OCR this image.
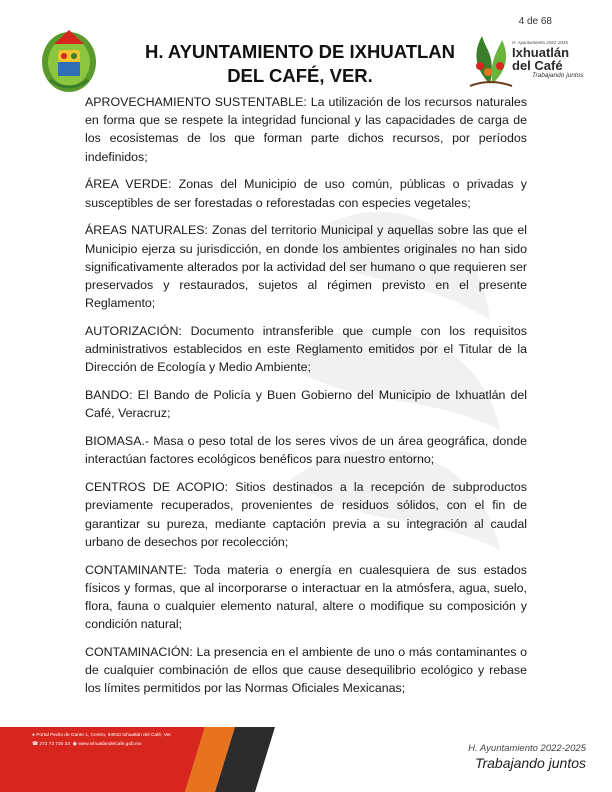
4 de 68
H. AYUNTAMIENTO DE IXHUATLAN
DEL CAFÉ, VER.
H. Ayuntamiento 2022-2025
Ixhuatlán
del Café
Trabajando juntos

APROVECHAMIENTO SUSTENTABLE: La utilización de los recursos naturales en forma que se respete la integridad funcional y las capacidades de carga de los ecosistemas de los que forman parte dichos recursos, por períodos indefinidos;

ÁREA VERDE: Zonas del Municipio de uso común, públicas o privadas y susceptibles de ser forestadas o reforestadas con especies vegetales;

ÁREAS NATURALES: Zonas del territorio Municipal y aquellas sobre las que el Municipio ejerza su jurisdicción, en donde los ambientes originales no han sido significativamente alterados por la actividad del ser humano o que requieren ser preservados y restaurados, sujetos al régimen previsto en el presente Reglamento;

AUTORIZACIÓN: Documento intransferible que cumple con los requisitos administrativos establecidos en este Reglamento emitidos por el Titular de la Dirección de Ecología y Medio Ambiente;

BANDO: El Bando de Policía y Buen Gobierno del Municipio de Ixhuatlán del Café, Veracruz;

BIOMASA.- Masa o peso total de los seres vivos de un área geográfica, donde interactúan factores ecológicos benéficos para nuestro entorno;

CENTROS DE ACOPIO: Sitios destinados a la recepción de subproductos previamente recuperados, provenientes de residuos sólidos, con el fin de garantizar su pureza, mediante captación previa a su integración al caudal urbano de desechos por recolección;

CONTAMINANTE: Toda materia o energía en cualesquiera de sus estados físicos y formas, que al incorporarse o interactuar en la atmósfera, agua, suelo, flora, fauna o cualquier elemento natural, altere o modifique su composición y condición natural;

CONTAMINACIÓN: La presencia en el ambiente de uno o más contaminantes o de cualquier combinación de ellos que cause desequilibrio ecológico y rebase los límites permitidos por las Normas Oficiales Mexicanas;

● Portal Pedro de Gante 1, Centro, 94910 Ixhuatlán del Café, Ver.
☎ 273 73 720 33 ◉ www.ixhuatlandelcafe.gob.mx	H. Ayuntamiento 2022-2025
Trabajando juntos
